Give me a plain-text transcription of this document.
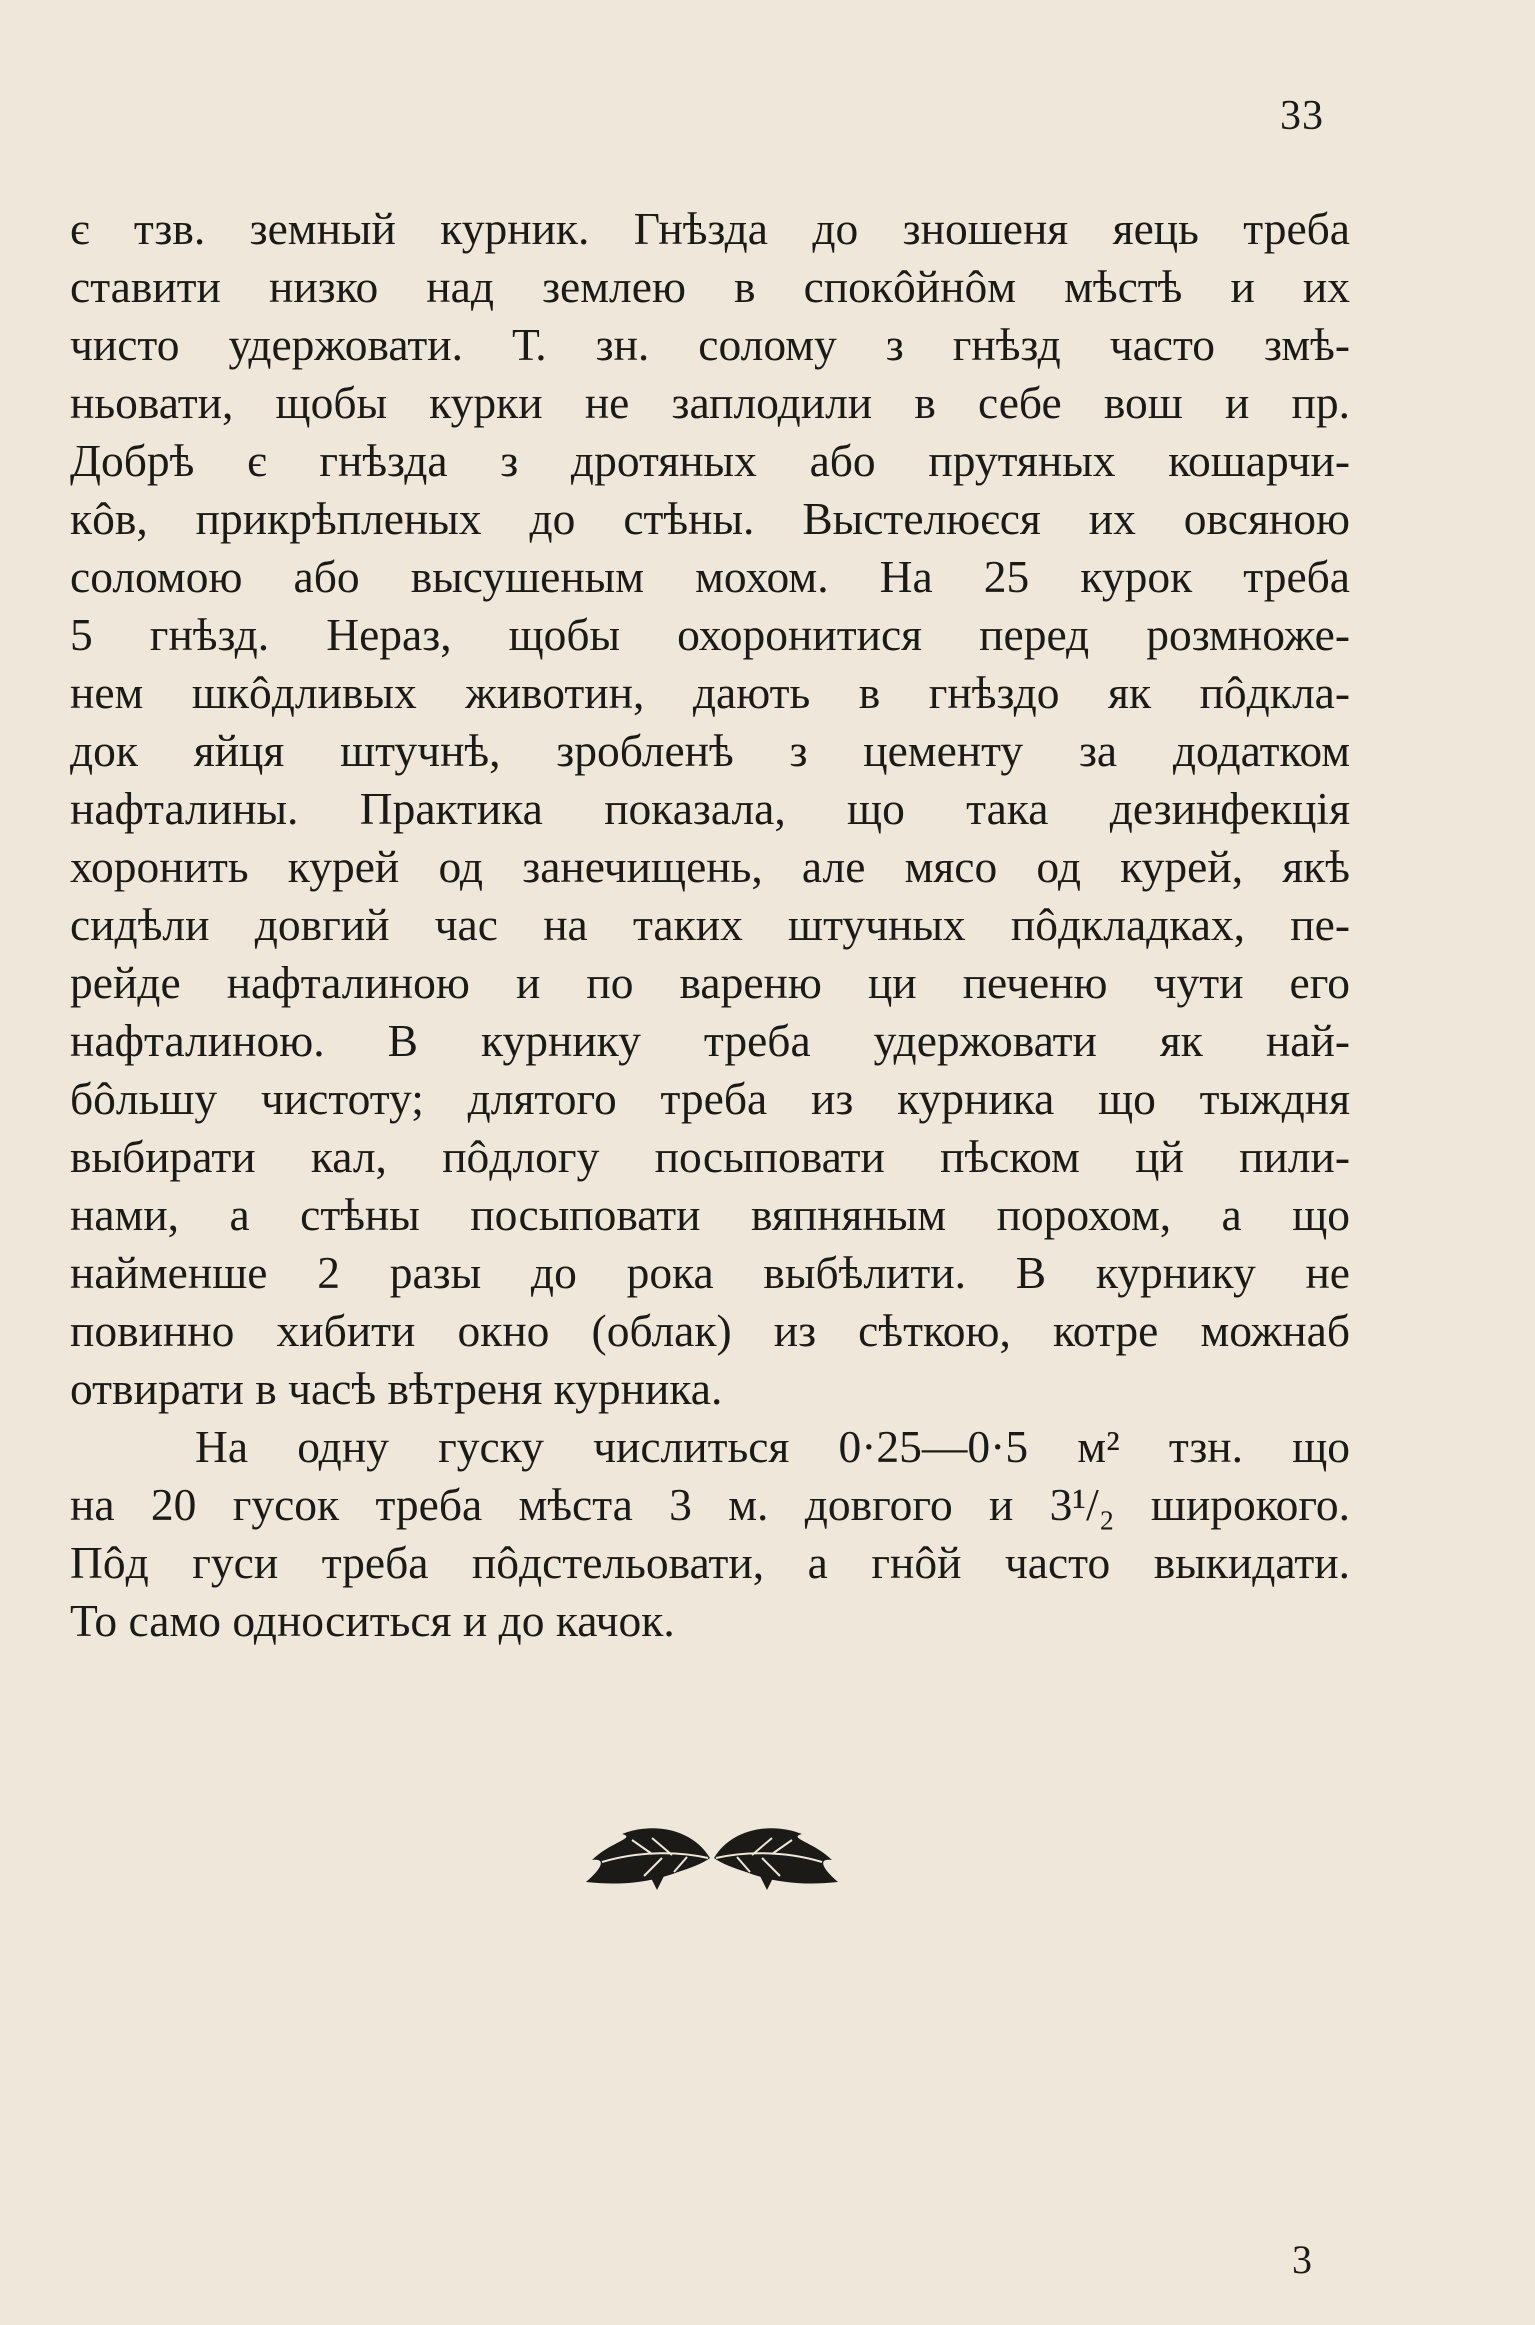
33
є тзв. земный курник. Гнѣзда до зношеня яець треба
ставити низко над землею в спокôйнôм мѣстѣ и их
чисто удержовати. Т. зн. солому з гнѣзд часто змѣ-
ньовати, щобы курки не заплодили в себе вош и пр.
Добрѣ є гнѣзда з дротяных або прутяных кошарчи-
кôв, прикрѣпленых до стѣны. Выстелюєся их овсяною
соломою або высушеным мохом. На 25 курок треба
5 гнѣзд. Нераз, щобы охоронитися перед розмноже-
нем шкôдливых животин, дають в гнѣздо як пôдкла-
док яйця штучнѣ, зробленѣ з цементу за додатком
нафталины. Практика показала, що така дезинфекція
хоронить курей од занечищень, але мясо од курей, якѣ
сидѣли довгий час на таких штучных пôдкладках, пе-
рейде нафталиною и по вареню ци печеню чути его
нафталиною. В курнику треба удержовати як най-
бôльшу чистоту; длятого треба из курника що тыждня
выбирати кал, пôдлогу посыповати пѣском цй пили-
нами, а стѣны посыповати вяпняным порохом, а що
найменше 2 разы до рока выбѣлити. В курнику не
повинно хибити окно (облак) из сѣткою, котре можнаб
отвирати в часѣ вѣтреня курника.
На одну гуску числиться 0·25—0·5 м² тзн. що
на 20 гусок треба мѣста 3 м. довгого и 3¹/₂ широкого.
Пôд гуси треба пôдстельовати, а гнôй часто выкидати.
То само односиться и до качок.
3
